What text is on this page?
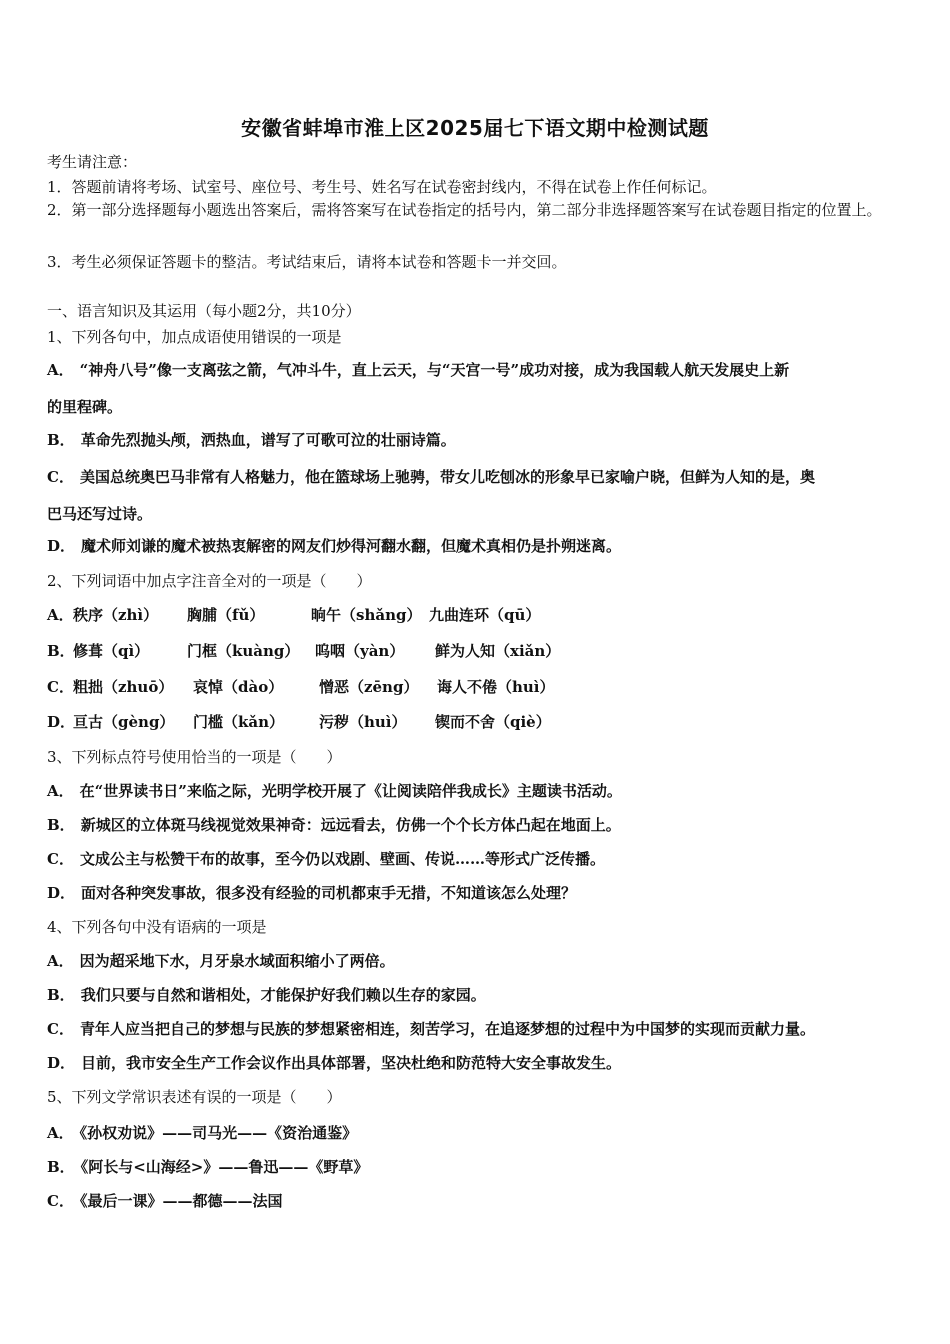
安徽省蚌埠市淮上区2025届七下语文期中检测试题
考生请注意：
1．答题前请将考场、试室号、座位号、考生号、姓名写在试卷密封线内，不得在试卷上作任何标记。
2．第一部分选择题每小题选出答案后，需将答案写在试卷指定的括号内，第二部分非选择题答案写在试卷题目指定的位置上。
3．考生必须保证答题卡的整洁。考试结束后，请将本试卷和答题卡一并交回。
一、语言知识及其运用（每小题2分，共10分）
1、下列各句中，加点成语使用错误的一项是
A． “神舟八号”像一支离弦之箭，气冲斗牛，直上云天，与“天宫一号”成功对接，成为我国载人航天发展史上新
的里程碑。
B． 革命先烈抛头颅，洒热血，谱写了可歌可泣的壮丽诗篇。
C． 美国总统奥巴马非常有人格魅力，他在篮球场上驰骋，带女儿吃刨冰的形象早已家喻户晓，但鲜为人知的是，奥
巴马还写过诗。
D． 魔术师刘谦的魔术被热衷解密的网友们炒得河翻水翻，但魔术真相仍是扑朔迷离。
2、下列词语中加点字注音全对的一项是（　　）
A．秩序（zhì） 胸脯（fǔ）	晌午（shǎng） 九曲连环（qū）
B．修葺（qì）	门框（kuàng） 呜咽（yàn） 鲜为人知（xiǎn）
C．粗拙（zhuō） 哀悼（dào） 憎恶（zēng） 诲人不倦（huì）
D．亘古（gèng） 门槛（kǎn） 污秽（huì） 锲而不舍（qiè）
3、下列标点符号使用恰当的一项是（　　）
A． 在“世界读书日”来临之际，光明学校开展了《让阅读陪伴我成长》主题读书活动。
B． 新城区的立体斑马线视觉效果神奇：远远看去，仿佛一个个长方体凸起在地面上。
C． 文成公主与松赞干布的故事，至今仍以戏剧、壁画、传说……等形式广泛传播。
D． 面对各种突发事故，很多没有经验的司机都束手无措，不知道该怎么处理？
4、下列各句中没有语病的一项是
A． 因为超采地下水，月牙泉水域面积缩小了两倍。
B． 我们只要与自然和谐相处，才能保护好我们赖以生存的家园。
C． 青年人应当把自己的梦想与民族的梦想紧密相连，刻苦学习，在追逐梦想的过程中为中国梦的实现而贡献力量。
D． 目前，我市安全生产工作会议作出具体部署，坚决杜绝和防范特大安全事故发生。
5、下列文学常识表述有误的一项是（　　）
A． 《孙权劝说》——司马光——《资治通鉴》
B． 《阿长与<山海经>》——鲁迅——《野草》
C． 《最后一课》——都德——法国
